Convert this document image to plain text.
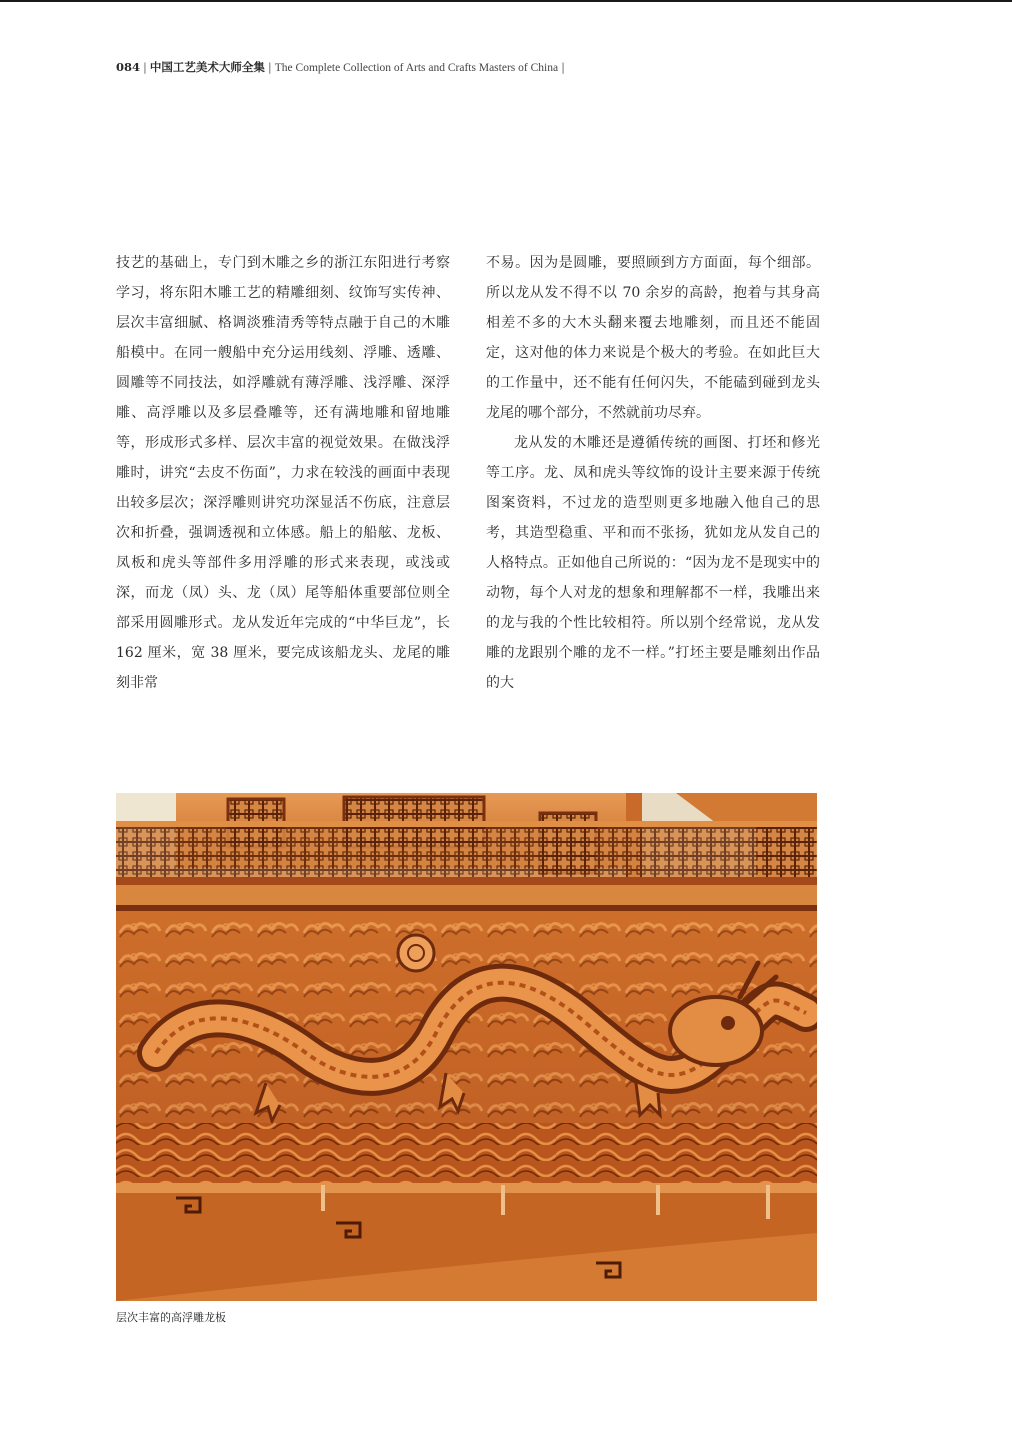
084 | 中国工艺美术大师全集 | The Complete Collection of Arts and Crafts Masters of China |

技艺的基础上，专门到木雕之乡的浙江东阳进行考察学习，将东阳木雕工艺的精雕细刻、纹饰写实传神、层次丰富细腻、格调淡雅清秀等特点融于自己的木雕船模中。在同一艘船中充分运用线刻、浮雕、透雕、圆雕等不同技法，如浮雕就有薄浮雕、浅浮雕、深浮雕、高浮雕以及多层叠雕等，还有满地雕和留地雕等，形成形式多样、层次丰富的视觉效果。在做浅浮雕时，讲究“去皮不伤面”，力求在较浅的画面中表现出较多层次；深浮雕则讲究功深显活不伤底，注意层次和折叠，强调透视和立体感。船上的船舷、龙板、凤板和虎头等部件多用浮雕的形式来表现，或浅或深，而龙（凤）头、龙（凤）尾等船体重要部位则全部采用圆雕形式。龙从发近年完成的“中华巨龙”，长 162 厘米，宽 38 厘米，要完成该船龙头、龙尾的雕刻非常

不易。因为是圆雕，要照顾到方方面面，每个细部。所以龙从发不得不以 70 余岁的高龄，抱着与其身高相差不多的大木头翻来覆去地雕刻，而且还不能固定，这对他的体力来说是个极大的考验。在如此巨大的工作量中，还不能有任何闪失，不能磕到碰到龙头龙尾的哪个部分，不然就前功尽弃。

龙从发的木雕还是遵循传统的画图、打坯和修光等工序。龙、凤和虎头等纹饰的设计主要来源于传统图案资料，不过龙的造型则更多地融入他自己的思考，其造型稳重、平和而不张扬，犹如龙从发自己的人格特点。正如他自己所说的：“因为龙不是现实中的动物，每个人对龙的想象和理解都不一样，我雕出来的龙与我的个性比较相符。所以别个经常说，龙从发雕的龙跟别个雕的龙不一样。”打坯主要是雕刻出作品的大

层次丰富的高浮雕龙板
